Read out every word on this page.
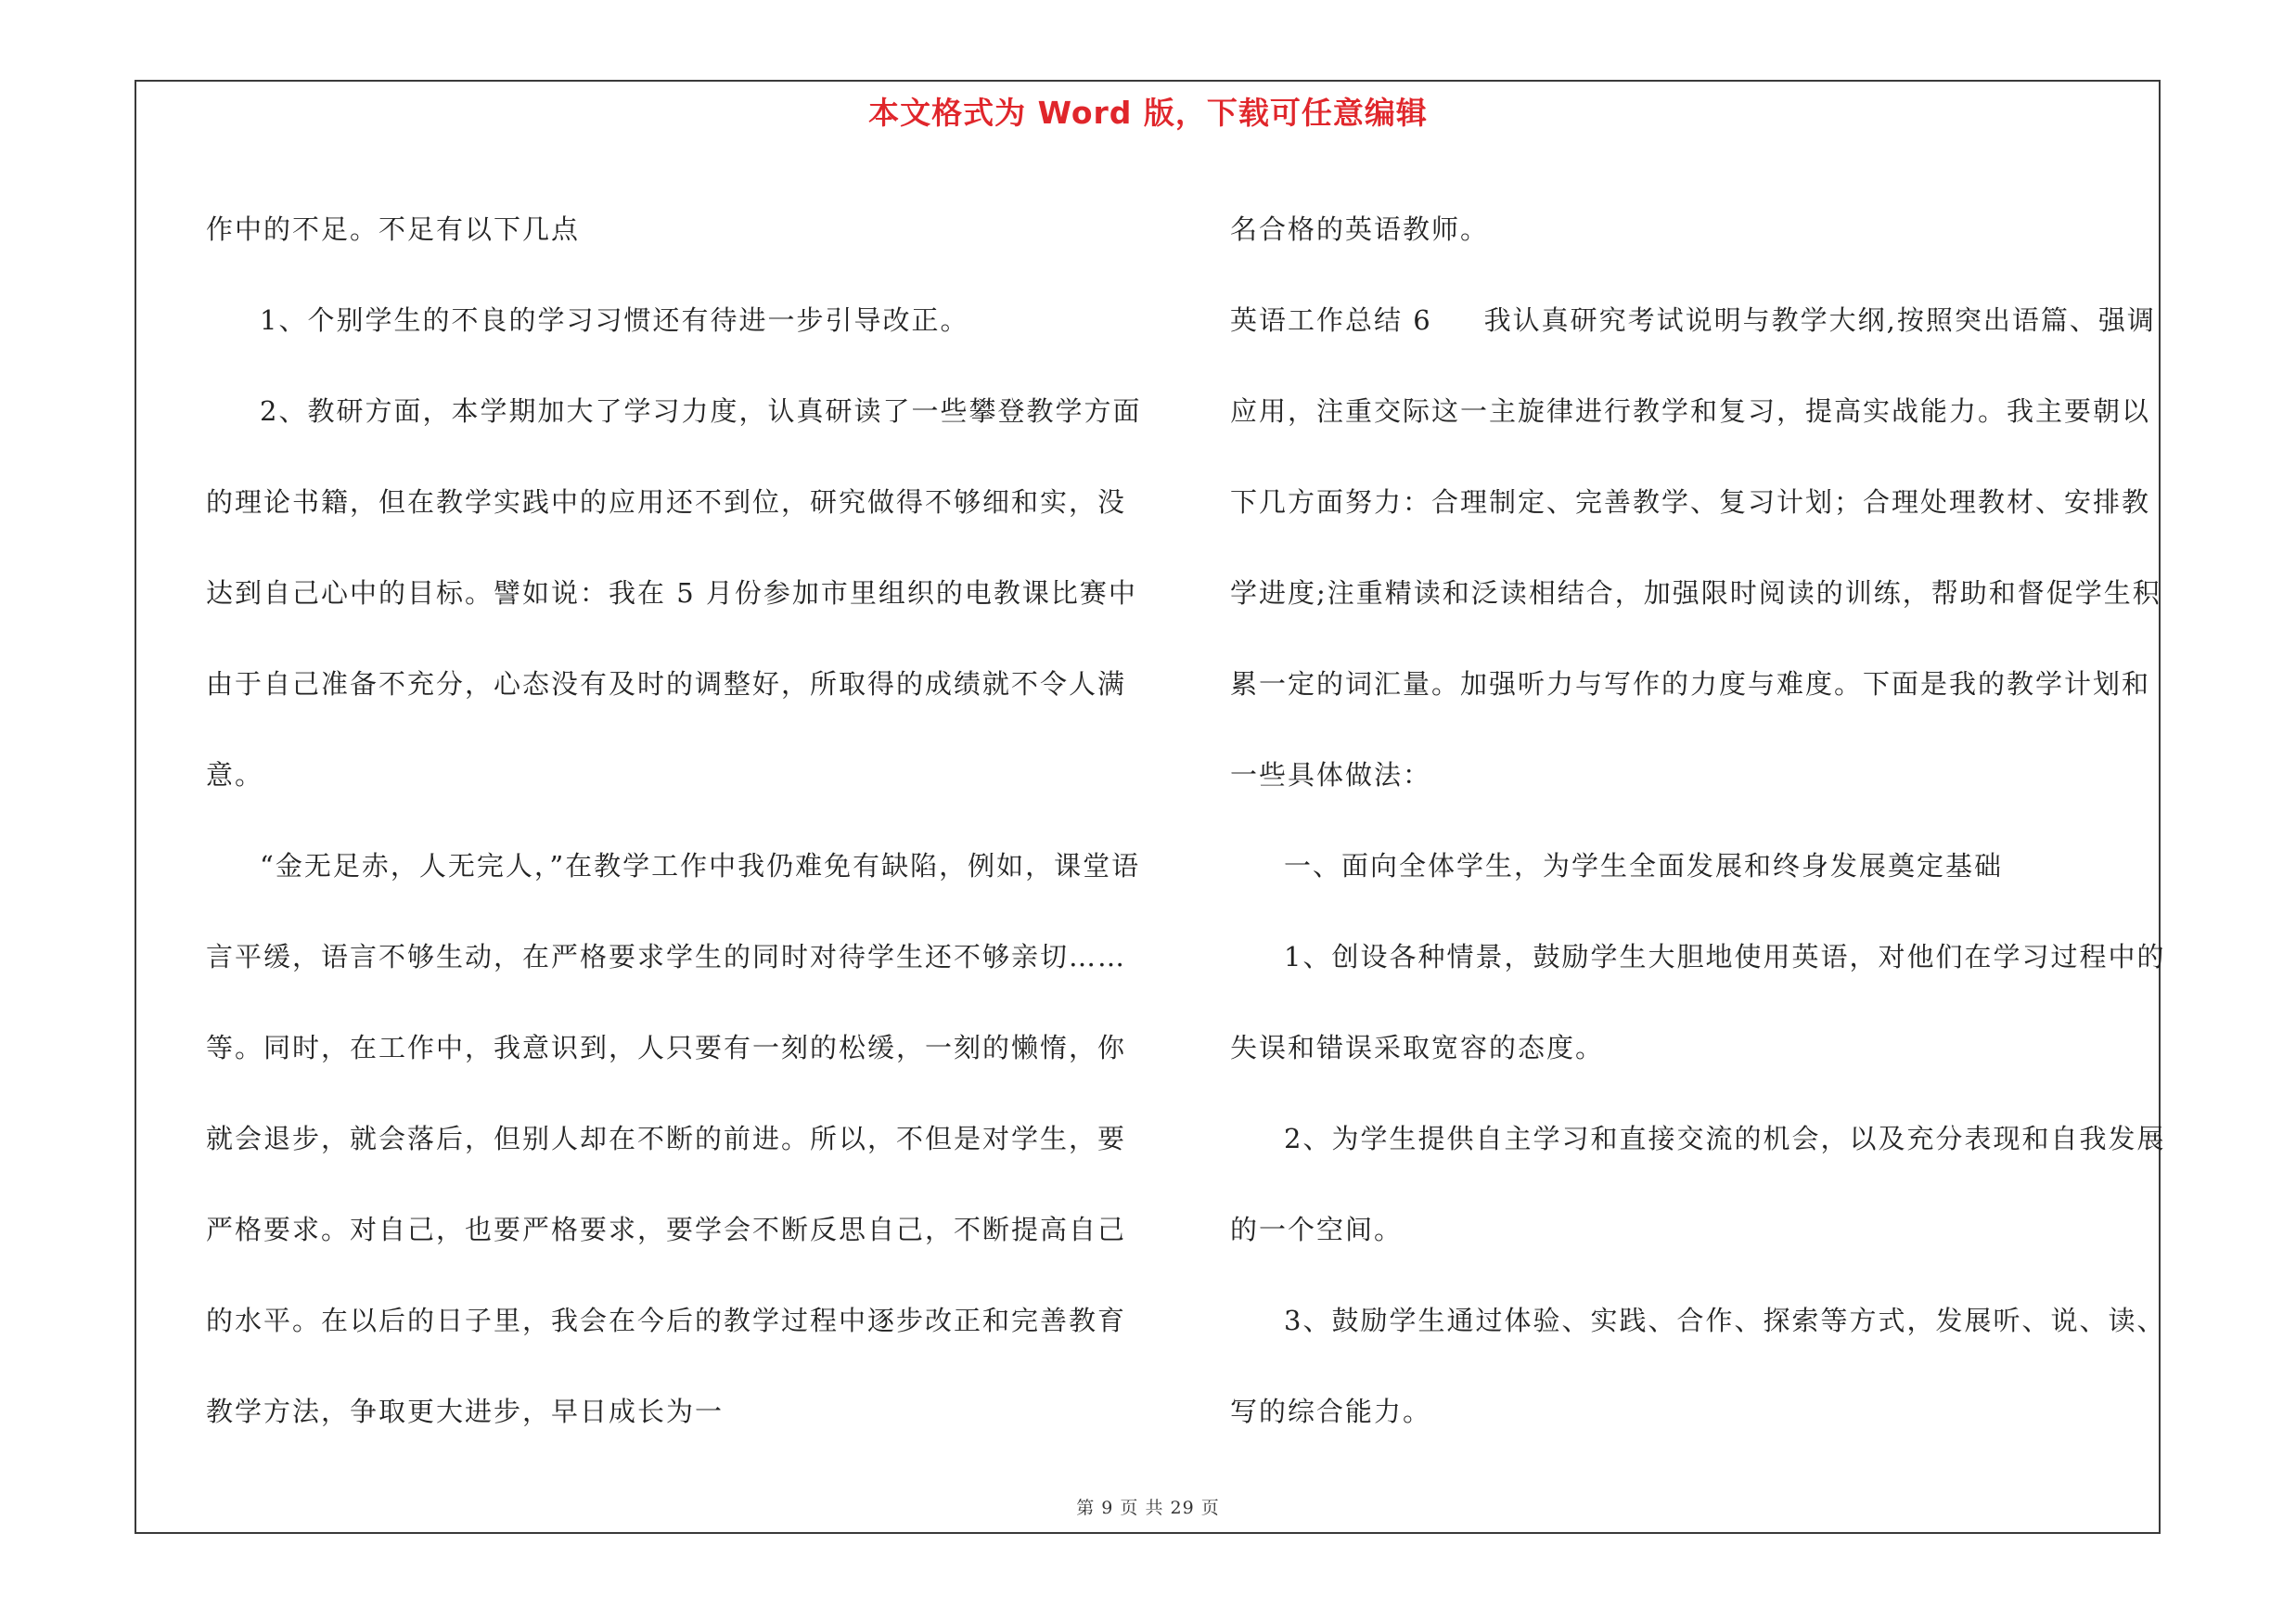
本文格式为 Word 版，下载可任意编辑

作中的不足。不足有以下几点

1、个别学生的不良的学习习惯还有待进一步引导改正。

2、教研方面，本学期加大了学习力度，认真研读了一些攀登教学方面的理论书籍，但在教学实践中的应用还不到位，研究做得不够细和实，没达到自己心中的目标。譬如说：我在 5 月份参加市里组织的电教课比赛中由于自己准备不充分，心态没有及时的调整好，所取得的成绩就不令人满意。

“金无足赤，人无完人，”在教学工作中我仍难免有缺陷，例如，课堂语言平缓，语言不够生动，在严格要求学生的同时对待学生还不够亲切……等。同时，在工作中，我意识到，人只要有一刻的松缓，一刻的懒惰，你就会退步，就会落后，但别人却在不断的前进。所以，不但是对学生，要严格要求。对自己，也要严格要求，要学会不断反思自己，不断提高自己的水平。在以后的日子里，我会在今后的教学过程中逐步改正和完善教育教学方法，争取更大进步，早日成长为一

名合格的英语教师。

英语工作总结 6 我认真研究考试说明与教学大纲,按照突出语篇、强调应用，注重交际这一主旋律进行教学和复习，提高实战能力。我主要朝以下几方面努力：合理制定、完善教学、复习计划；合理处理教材、安排教学进度;注重精读和泛读相结合，加强限时阅读的训练，帮助和督促学生积累一定的词汇量。加强听力与写作的力度与难度。下面是我的教学计划和一些具体做法：

一、面向全体学生，为学生全面发展和终身发展奠定基础

1、创设各种情景，鼓励学生大胆地使用英语，对他们在学习过程中的失误和错误采取宽容的态度。

2、为学生提供自主学习和直接交流的机会，以及充分表现和自我发展的一个空间。

3、鼓励学生通过体验、实践、合作、探索等方式，发展听、说、读、写的综合能力。

第 9 页 共 29 页
